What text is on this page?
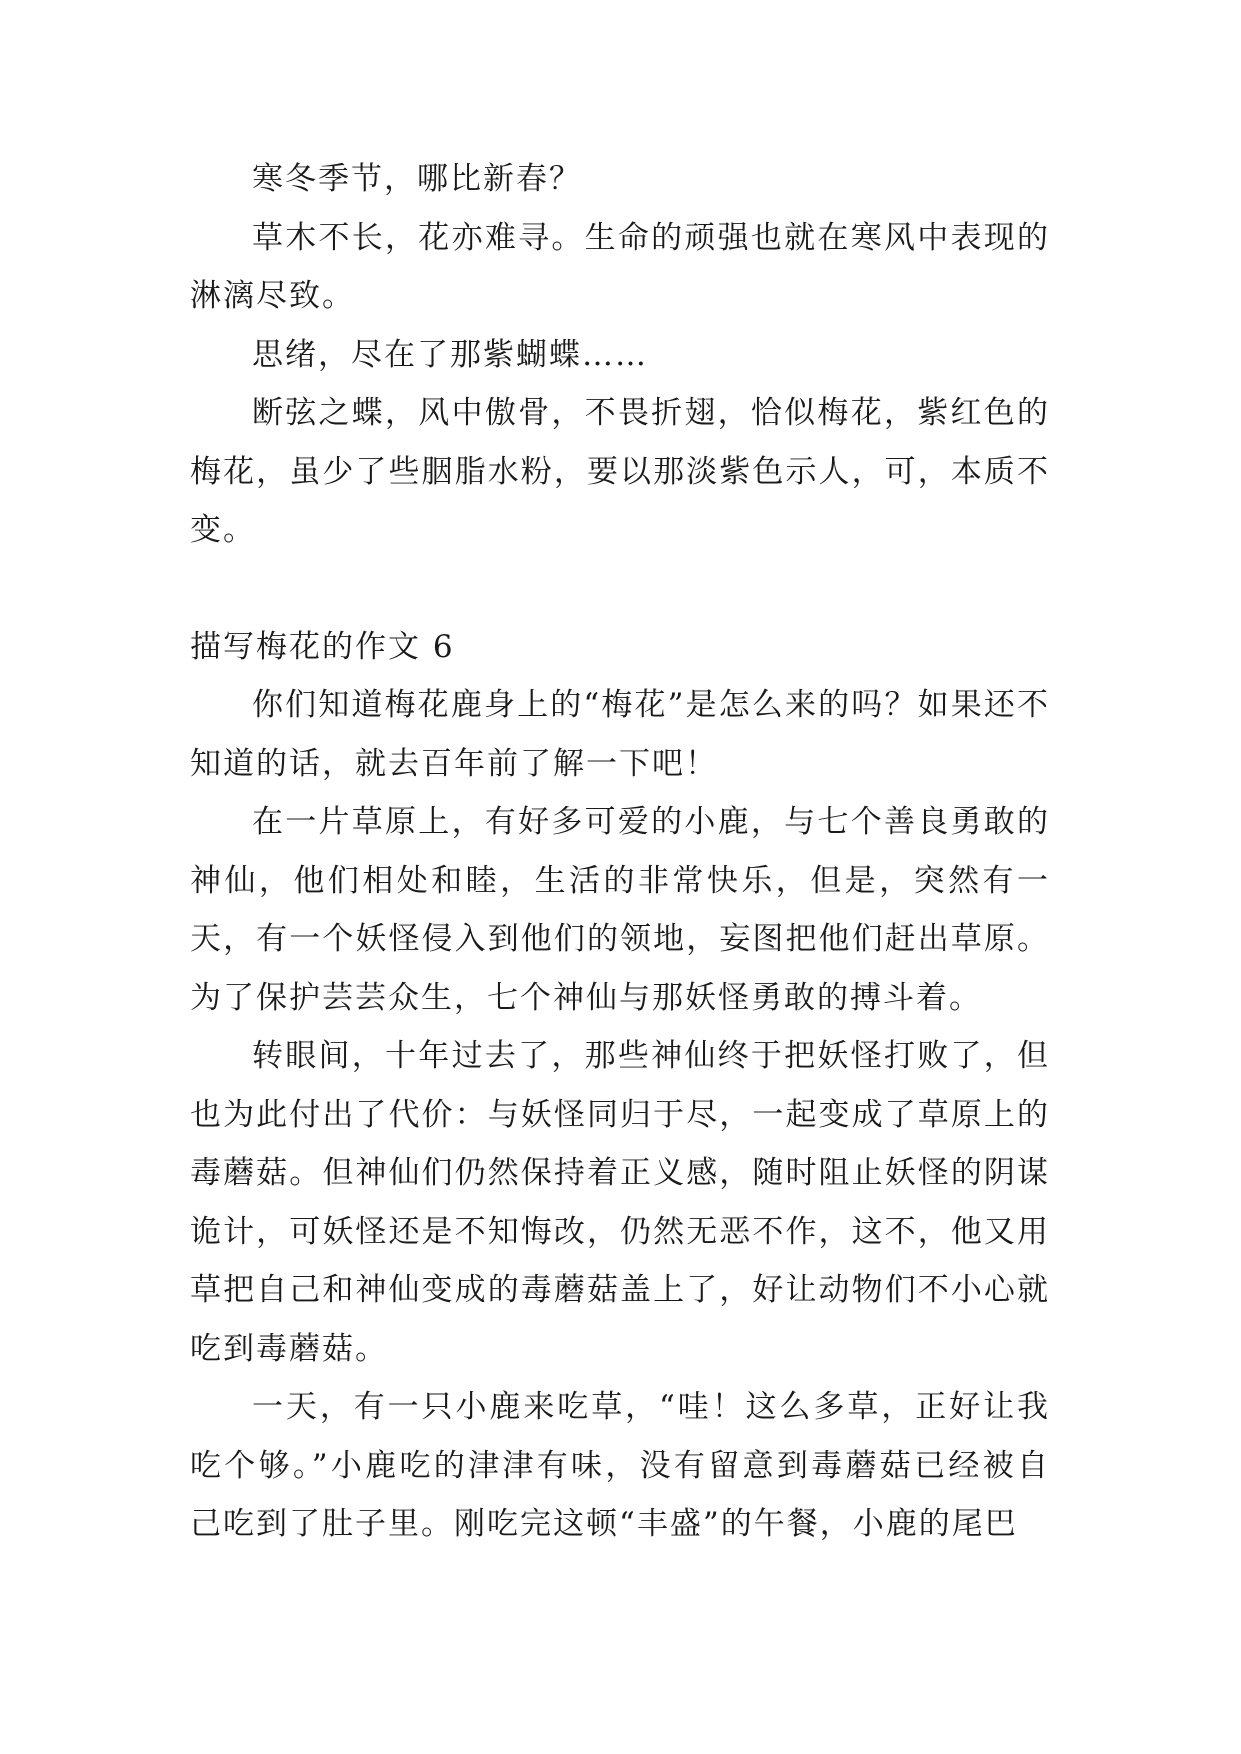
寒冬季节，哪比新春？

草木不长，花亦难寻。生命的顽强也就在寒风中表现的淋漓尽致。

思绪，尽在了那紫蝴蝶……

断弦之蝶，风中傲骨，不畏折翅，恰似梅花，紫红色的梅花，虽少了些胭脂水粉，要以那淡紫色示人，可，本质不变。

描写梅花的作文 6

你们知道梅花鹿身上的“梅花”是怎么来的吗？如果还不知道的话，就去百年前了解一下吧！

在一片草原上，有好多可爱的小鹿，与七个善良勇敢的神仙，他们相处和睦，生活的非常快乐，但是，突然有一天，有一个妖怪侵入到他们的领地，妄图把他们赶出草原。为了保护芸芸众生，七个神仙与那妖怪勇敢的搏斗着。

转眼间，十年过去了，那些神仙终于把妖怪打败了，但也为此付出了代价：与妖怪同归于尽，一起变成了草原上的毒蘑菇。但神仙们仍然保持着正义感，随时阻止妖怪的阴谋诡计，可妖怪还是不知悔改，仍然无恶不作，这不，他又用草把自己和神仙变成的毒蘑菇盖上了，好让动物们不小心就吃到毒蘑菇。

一天，有一只小鹿来吃草，“哇！这么多草，正好让我吃个够。”小鹿吃的津津有味，没有留意到毒蘑菇已经被自己吃到了肚子里。刚吃完这顿“丰盛”的午餐，小鹿的尾巴
